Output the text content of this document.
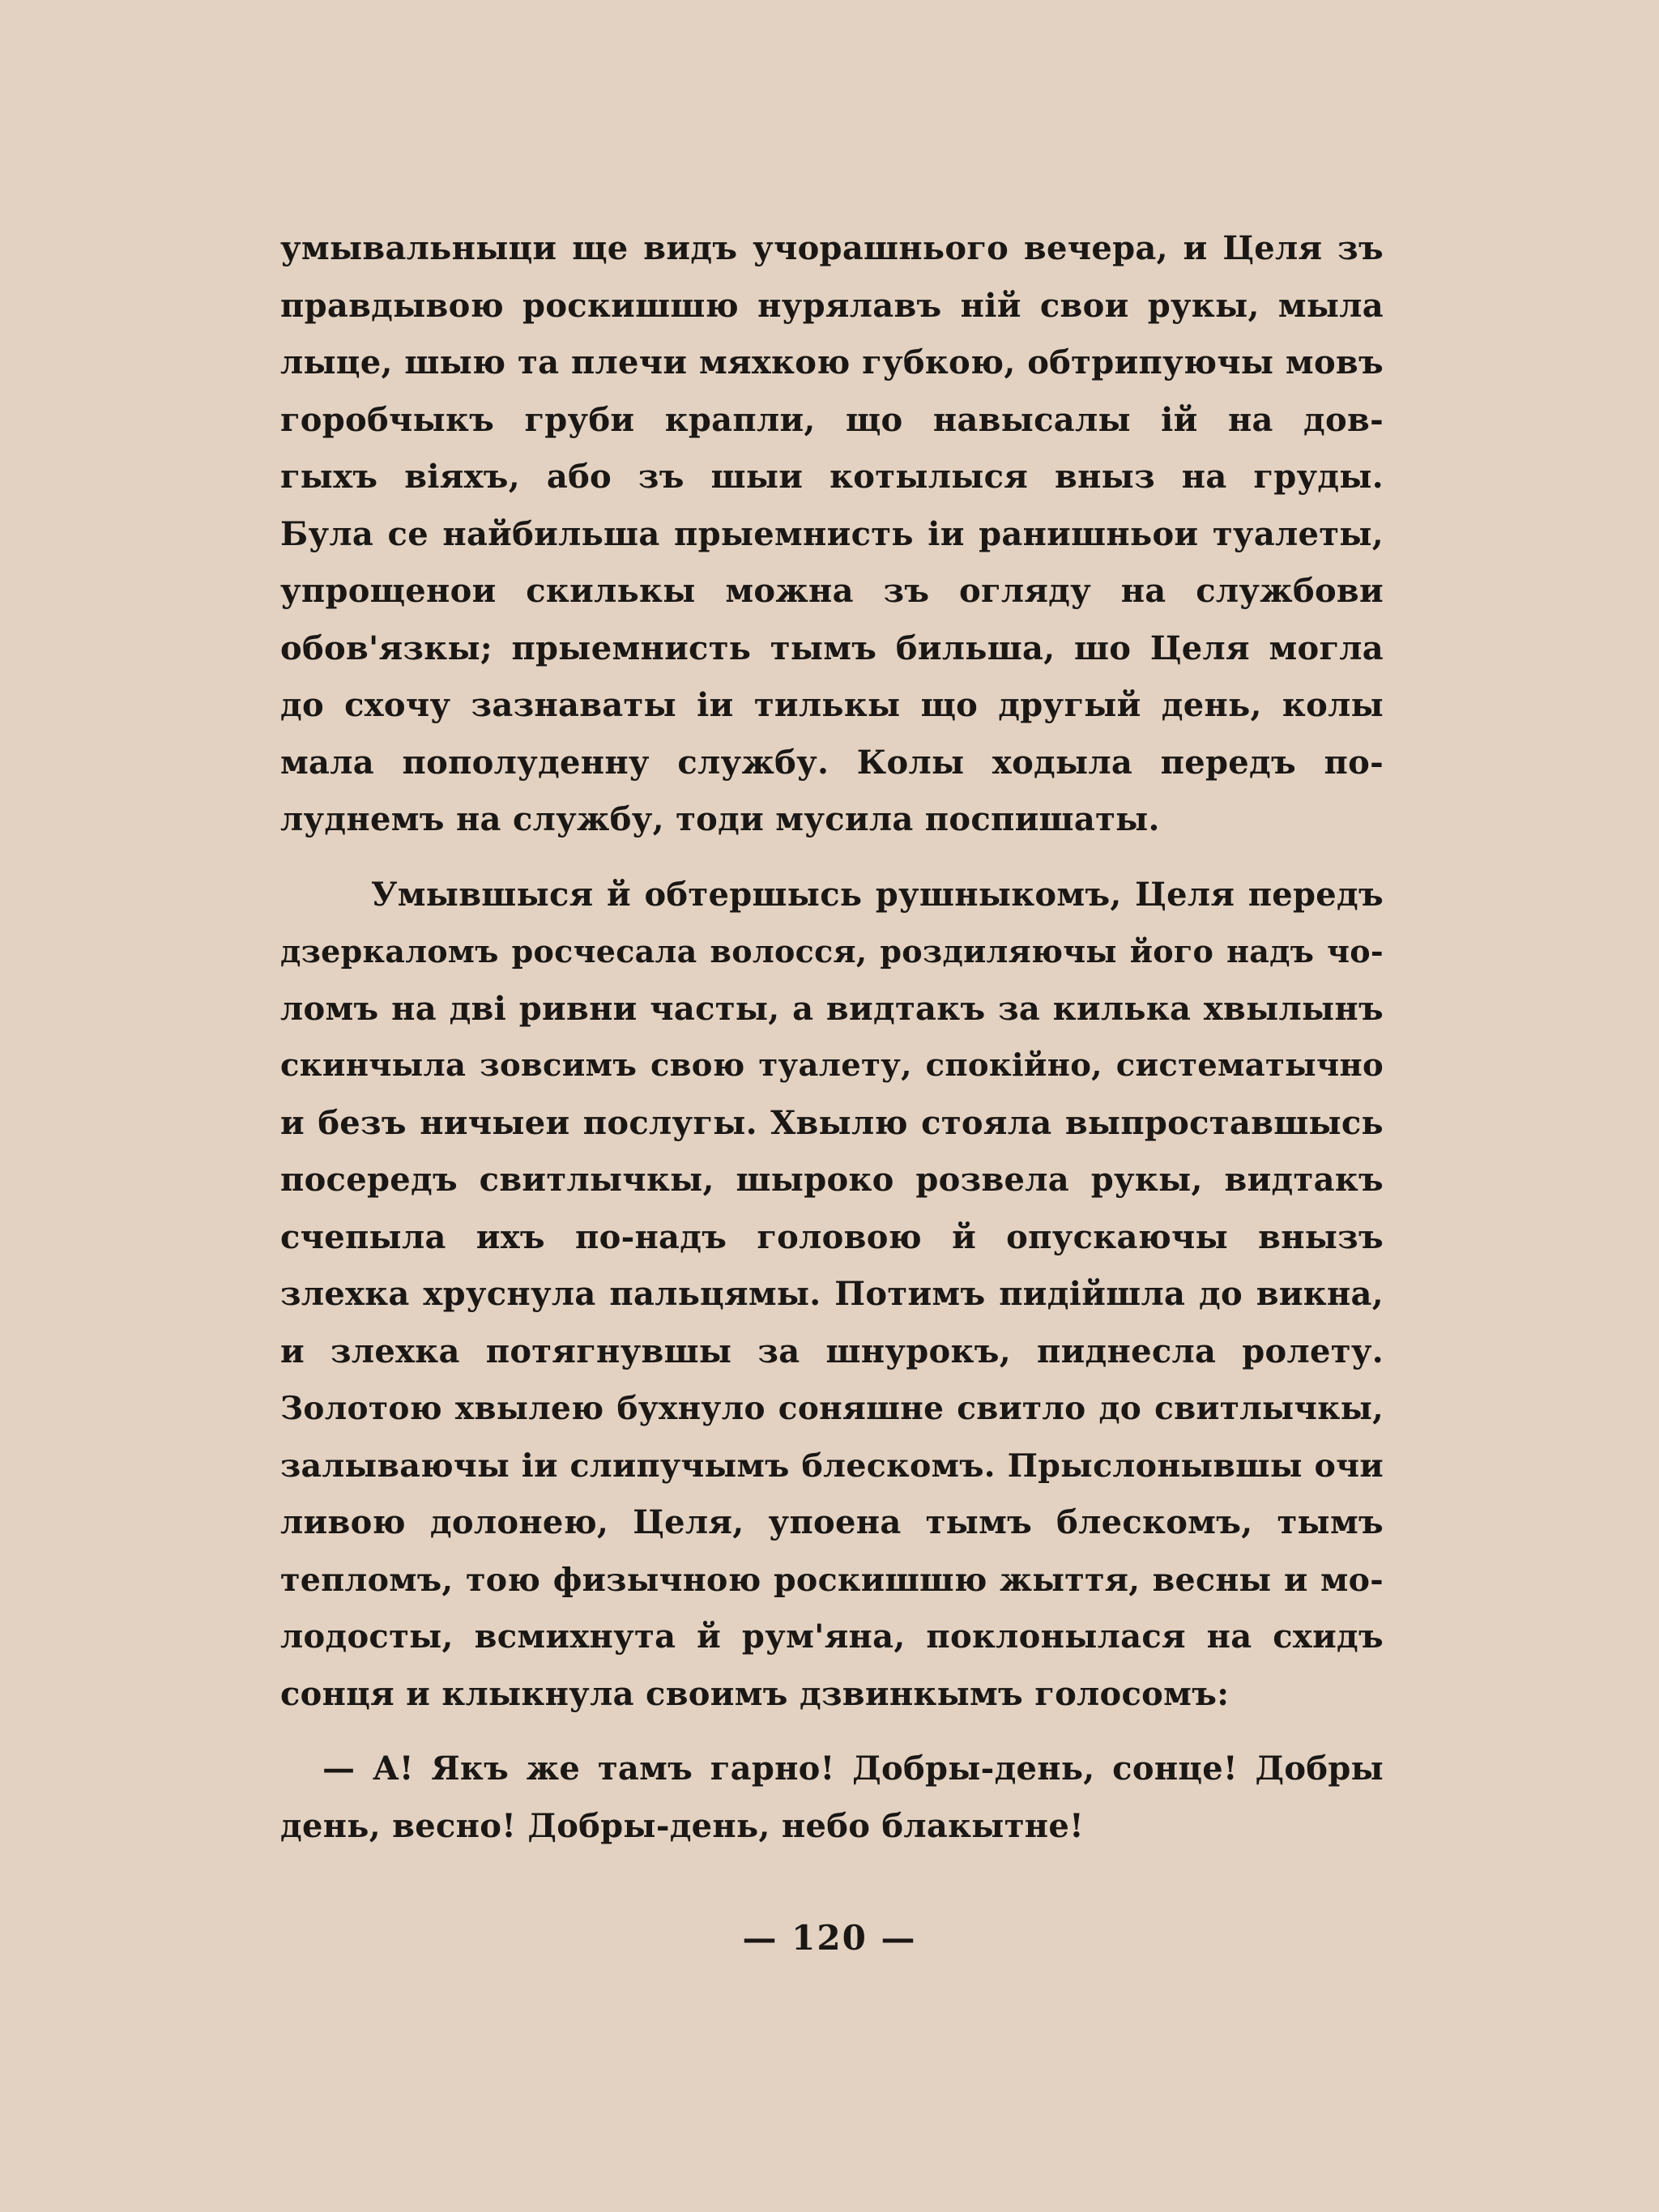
умывальныци ще видъ учорашнього вечера, и Целя зъ
правдывою роскишшю нурялавъ нiй свои рукы, мыла
лыце, шыю та плечи мяхкою губкою, обтрипуючы мовъ
горобчыкъ груби крапли, що навысалы iй на дов-
гыхъ вiяхъ, або зъ шыи котылыся вныз на груды.
Була се найбильша прыемнисть iи ранишньои туалеты,
упрощенои скилькы можна зъ огляду на службови
обов'язкы; прыемнисть тымъ бильша, шо Целя могла
до схочу зазнаваты iи тилькы що другый день, колы
мала пополуденну службу. Колы ходыла передъ по-
луднемъ на службу, тоди мусила поспишаты.
Умывшыся й обтершысь рушныкомъ, Целя передъ
дзеркаломъ росчесала волосся, роздиляючы його надъ чо-
ломъ на двi ривни часты, а видтакъ за килька хвылынъ
скинчыла зовсимъ свою туалету, спокiйно, систематычно
и безъ ничыеи послугы. Хвылю стояла выпроставшысь
посередъ свитлычкы, шыроко розвела рукы, видтакъ
счепыла ихъ по-надъ головою й опускаючы внызъ
злехка хруснула пальцямы. Потимъ пидiйшла до викна,
и злехка потягнувшы за шнурокъ, пиднесла ролету.
Золотою хвылею бухнуло соняшне свитло до свитлычкы,
залываючы iи слипучымъ блескомъ. Прыслонывшы очи
ливою долонею, Целя, упоена тымъ блескомъ, тымъ
тепломъ, тою физычною роскишшю жыття, весны и мо-
лодосты, всмихнута й рум'яна, поклонылася на схидъ
сонця и клыкнула своимъ дзвинкымъ голосомъ:
— А! Якъ же тамъ гарно! Добры-день, сонце! Добры
день, весно! Добры-день, небо блакытне!
— 120 —
